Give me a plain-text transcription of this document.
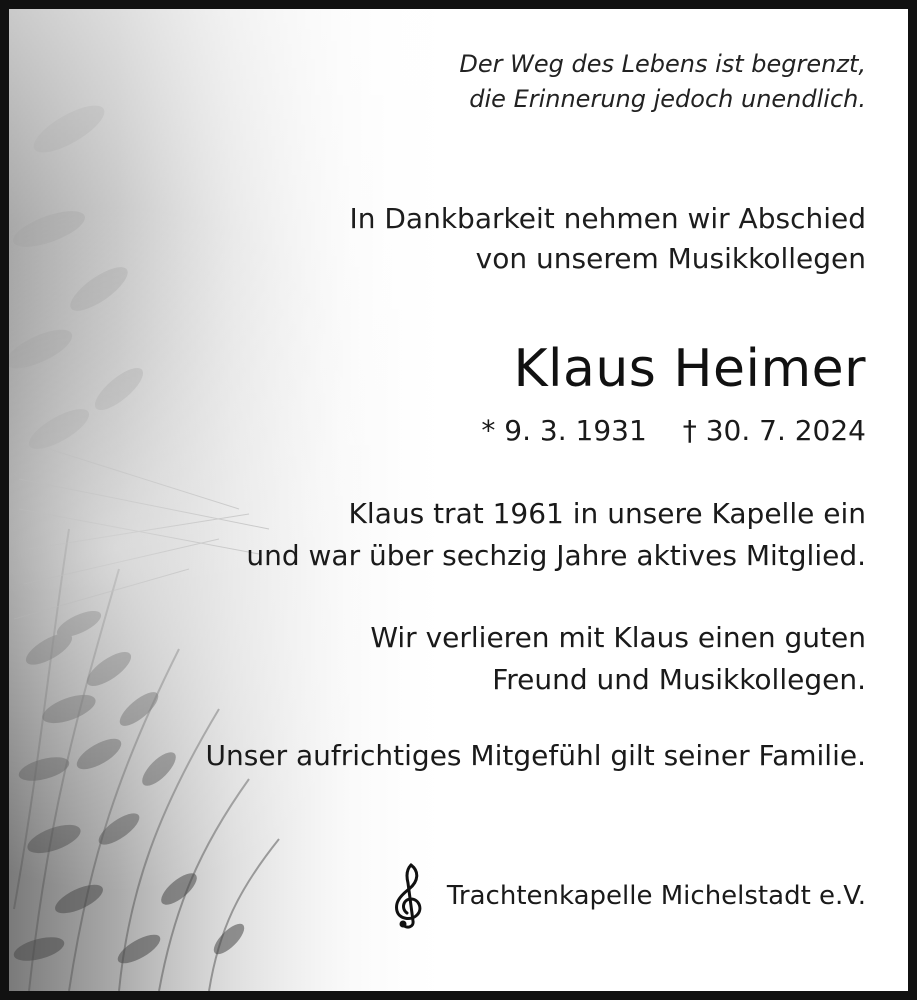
Der Weg des Lebens ist begrenzt,
die Erinnerung jedoch unendlich.
In Dankbarkeit nehmen wir Abschied
von unserem Musikkollegen
Klaus Heimer
* 9. 3. 1931 † 30. 7. 2024
Klaus trat 1961 in unsere Kapelle ein
und war über sechzig Jahre aktives Mitglied.
Wir verlieren mit Klaus einen guten
Freund und Musikkollegen.
Unser aufrichtiges Mitgefühl gilt seiner Familie.
Trachtenkapelle Michelstadt e.V.
